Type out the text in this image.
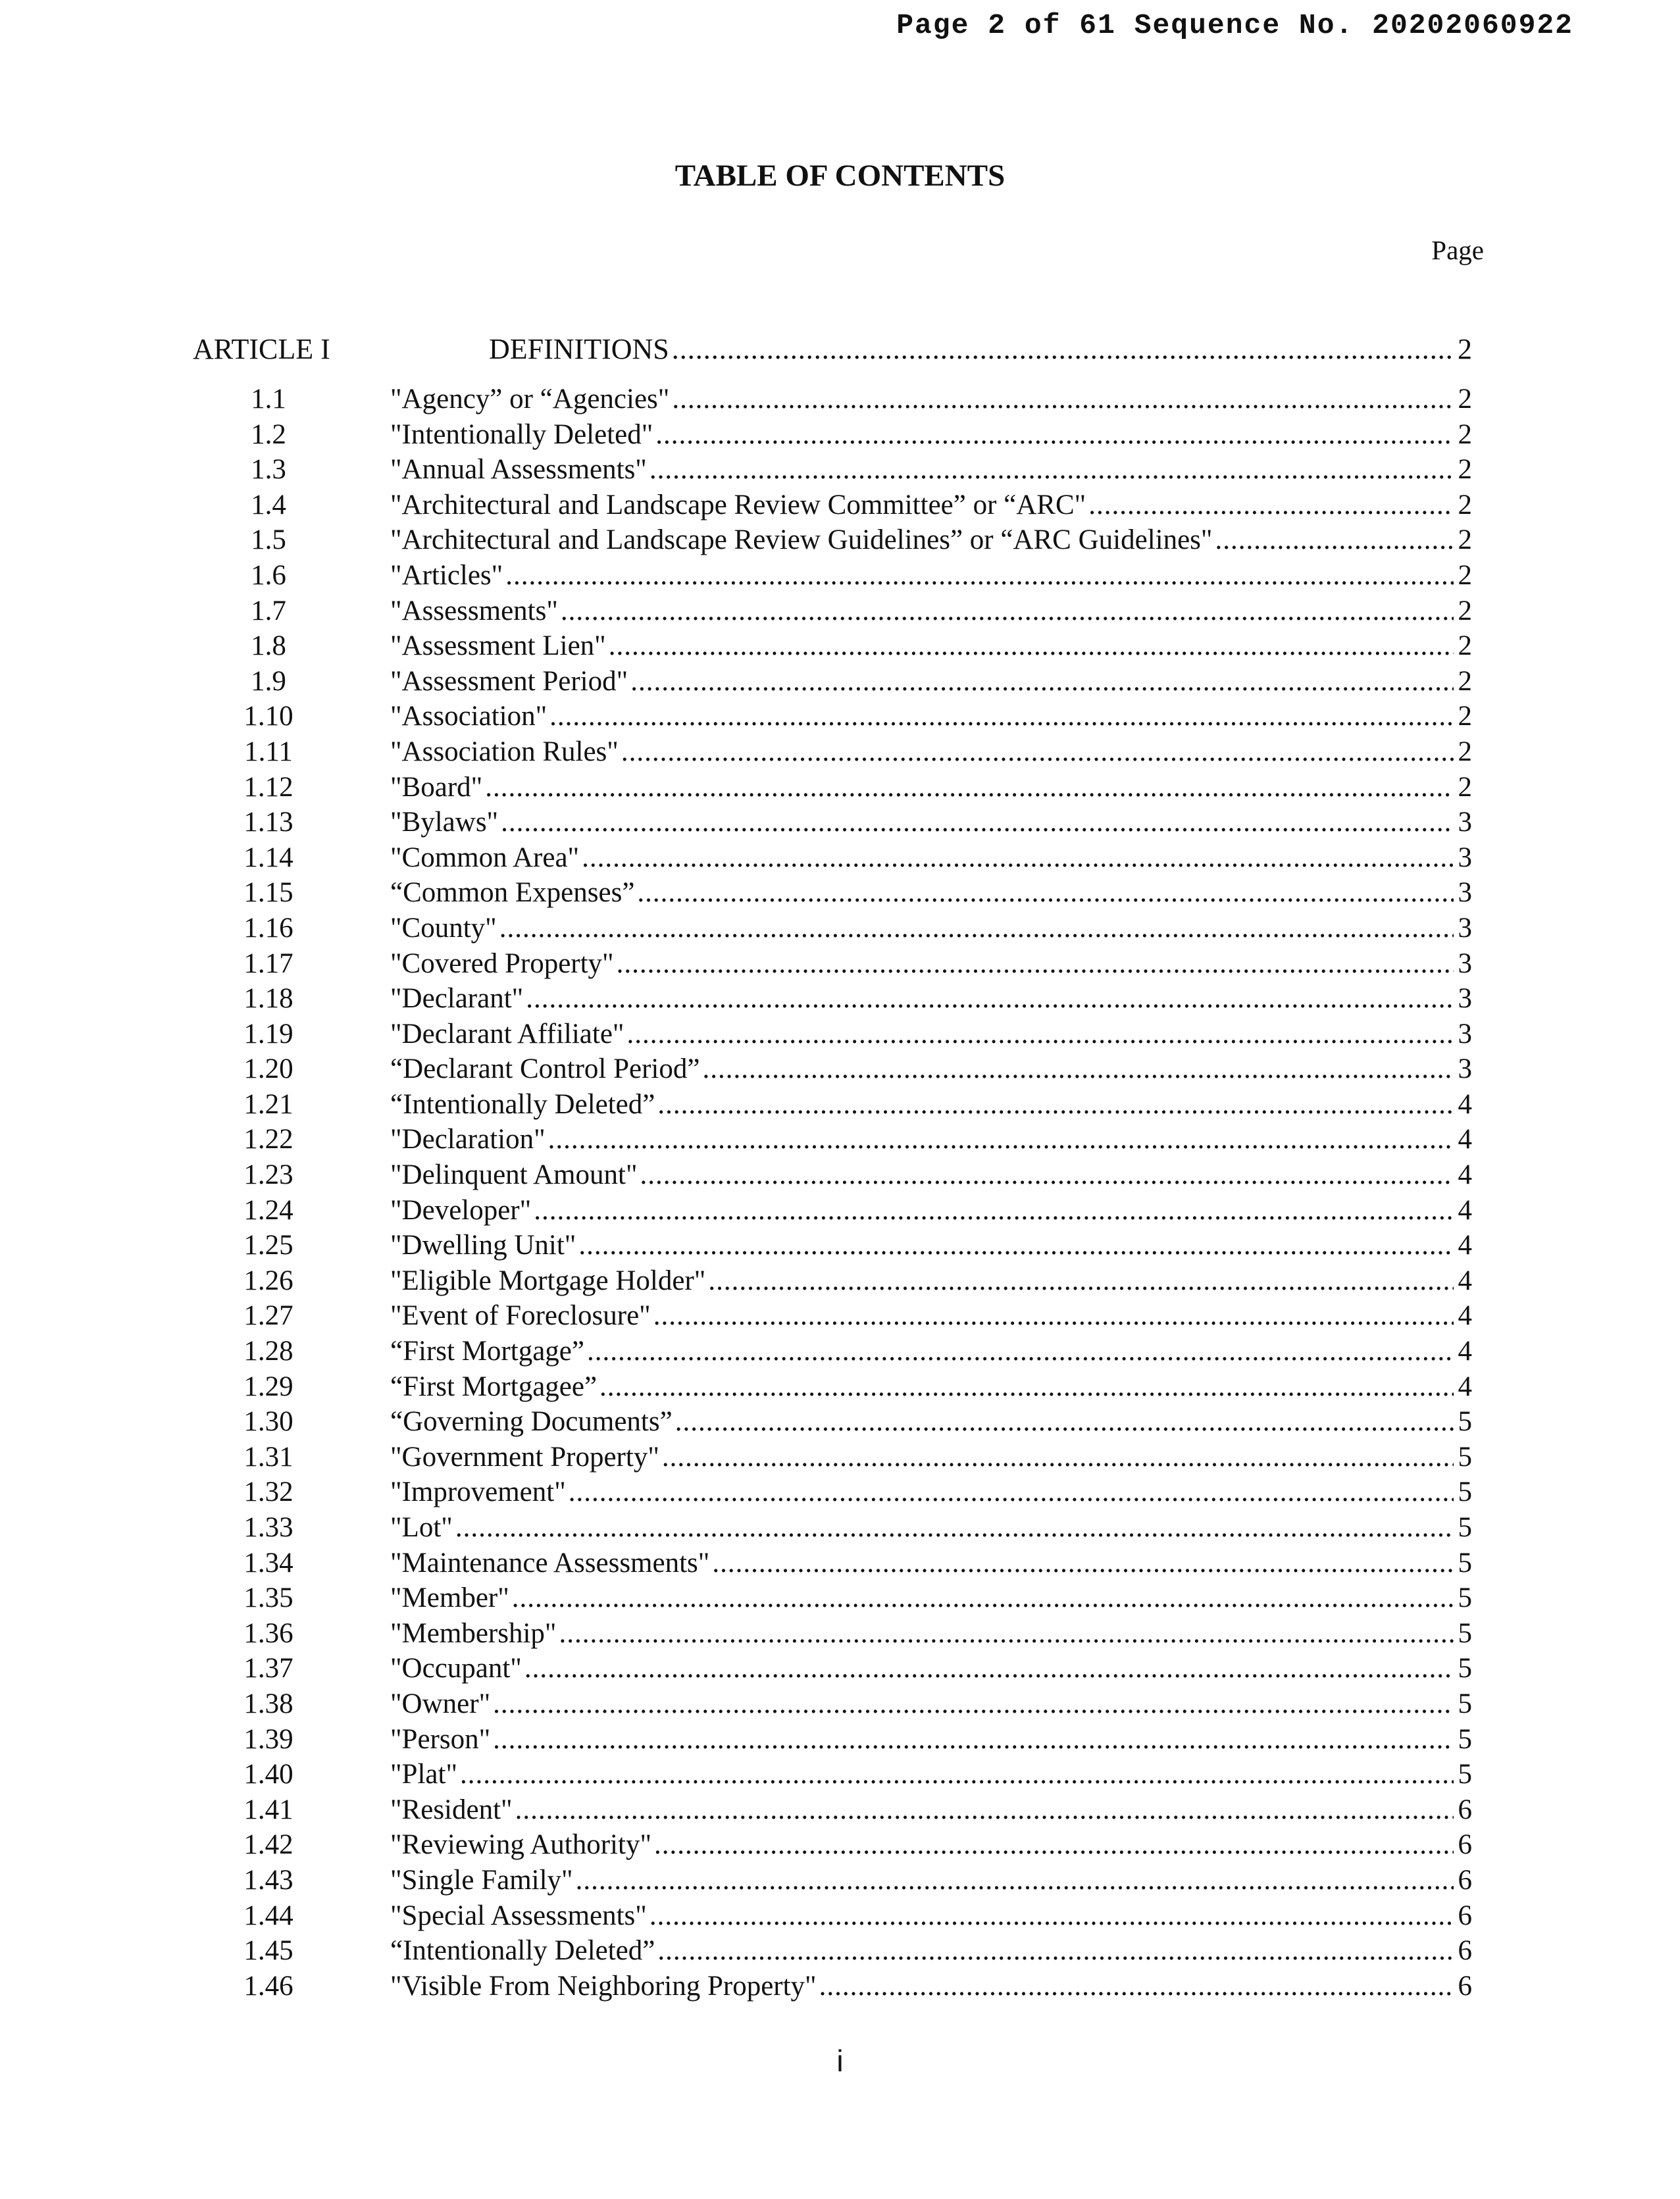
Page 2 of 61 Sequence No. 20202060922
TABLE OF CONTENTS
Page
ARTICLE I	DEFINITIONS .....	2
1.1	"Agency” or “Agencies" .....	2
1.2	"Intentionally Deleted" .....	2
1.3	"Annual Assessments" .....	2
1.4	"Architectural and Landscape Review Committee” or “ARC" .....	2
1.5	"Architectural and Landscape Review Guidelines” or “ARC Guidelines" .....	2
1.6	"Articles" .....	2
1.7	"Assessments" .....	2
1.8	"Assessment Lien" .....	2
1.9	"Assessment Period" .....	2
1.10	"Association" .....	2
1.11	"Association Rules" .....	2
1.12	"Board" .....	2
1.13	"Bylaws" .....	3
1.14	"Common Area" .....	3
1.15	“Common Expenses” .....	3
1.16	"County" .....	3
1.17	"Covered Property" .....	3
1.18	"Declarant" .....	3
1.19	"Declarant Affiliate" .....	3
1.20	“Declarant Control Period” .....	3
1.21	“Intentionally Deleted” .....	4
1.22	"Declaration" .....	4
1.23	"Delinquent Amount" .....	4
1.24	"Developer" .....	4
1.25	"Dwelling Unit" .....	4
1.26	"Eligible Mortgage Holder" .....	4
1.27	"Event of Foreclosure" .....	4
1.28	“First Mortgage” .....	4
1.29	“First Mortgagee” .....	4
1.30	“Governing Documents” .....	5
1.31	"Government Property" .....	5
1.32	"Improvement" .....	5
1.33	"Lot" .....	5
1.34	"Maintenance Assessments" .....	5
1.35	"Member" .....	5
1.36	"Membership" .....	5
1.37	"Occupant" .....	5
1.38	"Owner" .....	5
1.39	"Person" .....	5
1.40	"Plat" .....	5
1.41	"Resident" .....	6
1.42	"Reviewing Authority" .....	6
1.43	"Single Family" .....	6
1.44	"Special Assessments" .....	6
1.45	“Intentionally Deleted” .....	6
1.46	"Visible From Neighboring Property" .....	6
i
